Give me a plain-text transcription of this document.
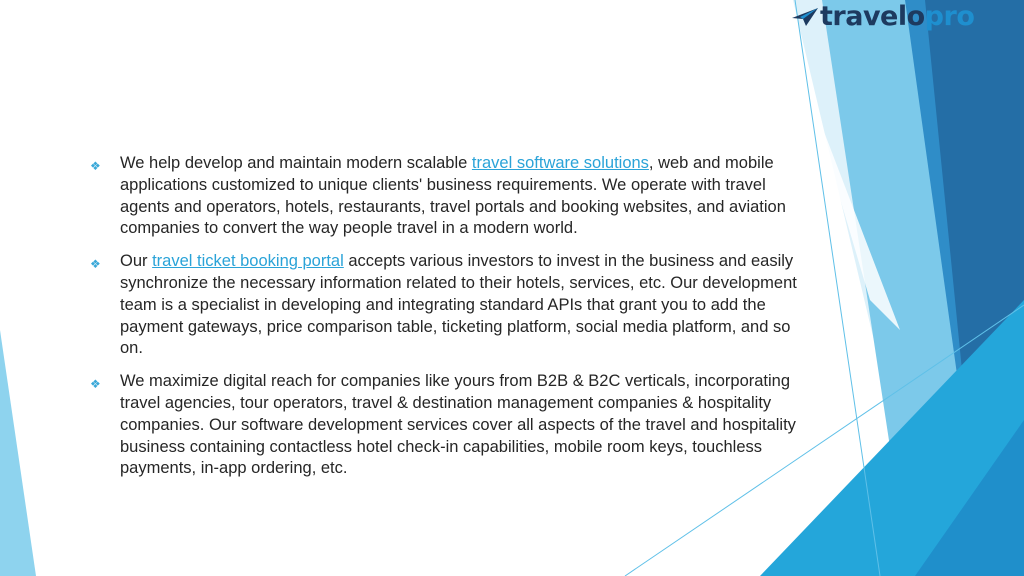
travelopro
❖	We help develop and maintain modern scalable travel software solutions, web and mobile applications customized to unique clients' business requirements. We operate with travel agents and operators, hotels, restaurants, travel portals and booking websites, and aviation companies to convert the way people travel in a modern world.
❖	Our travel ticket booking portal accepts various investors to invest in the business and easily synchronize the necessary information related to their hotels, services, etc. Our development team is a specialist in developing and integrating standard APIs that grant you to add the payment gateways, price comparison table, ticketing platform, social media platform, and so on.
❖	We maximize digital reach for companies like yours from B2B & B2C verticals, incorporating travel agencies, tour operators, travel & destination management companies & hospitality companies. Our software development services cover all aspects of the travel and hospitality business containing contactless hotel check-in capabilities, mobile room keys, touchless payments, in-app ordering, etc.
